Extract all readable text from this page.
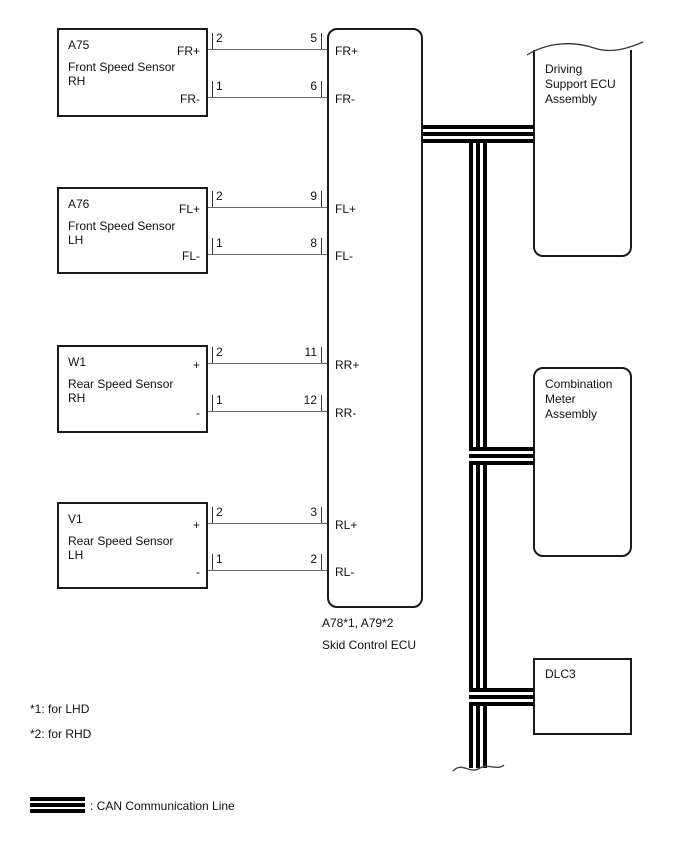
2	5
1	6
2	9
1	8
2	11
1	12
2	3
1	2
A75
Front Speed Sensor
RH
FR+
FR-
A76
Front Speed Sensor
LH
FL+
FL-
W1
Rear Speed Sensor
RH
+
-
V1
Rear Speed Sensor
LH
+
-
FR+
FR-
FL+
FL-
RR+
RR-
RL+
RL-
A78*1, A79*2
Skid Control ECU
Driving
Support ECU
Assembly
Combination
Meter Assembly
DLC3
*1: for LHD
*2: for RHD
: CAN Communication Line
